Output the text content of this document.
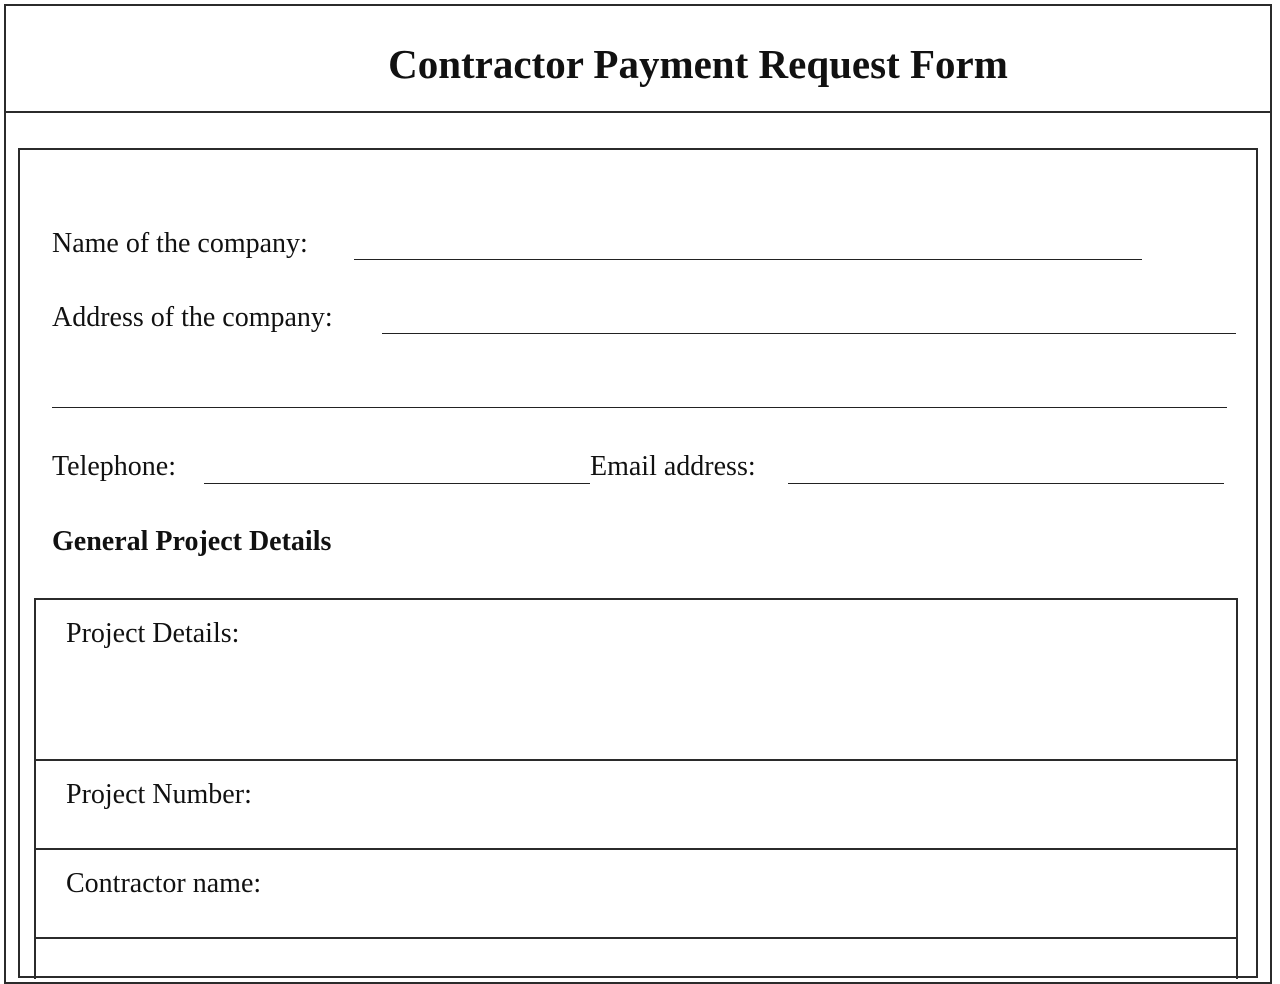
Contractor Payment Request Form
Name of the company:
Address of the company:
Telephone:	Email address:
General Project Details
Project Details:
Project Number:
Contractor name:
